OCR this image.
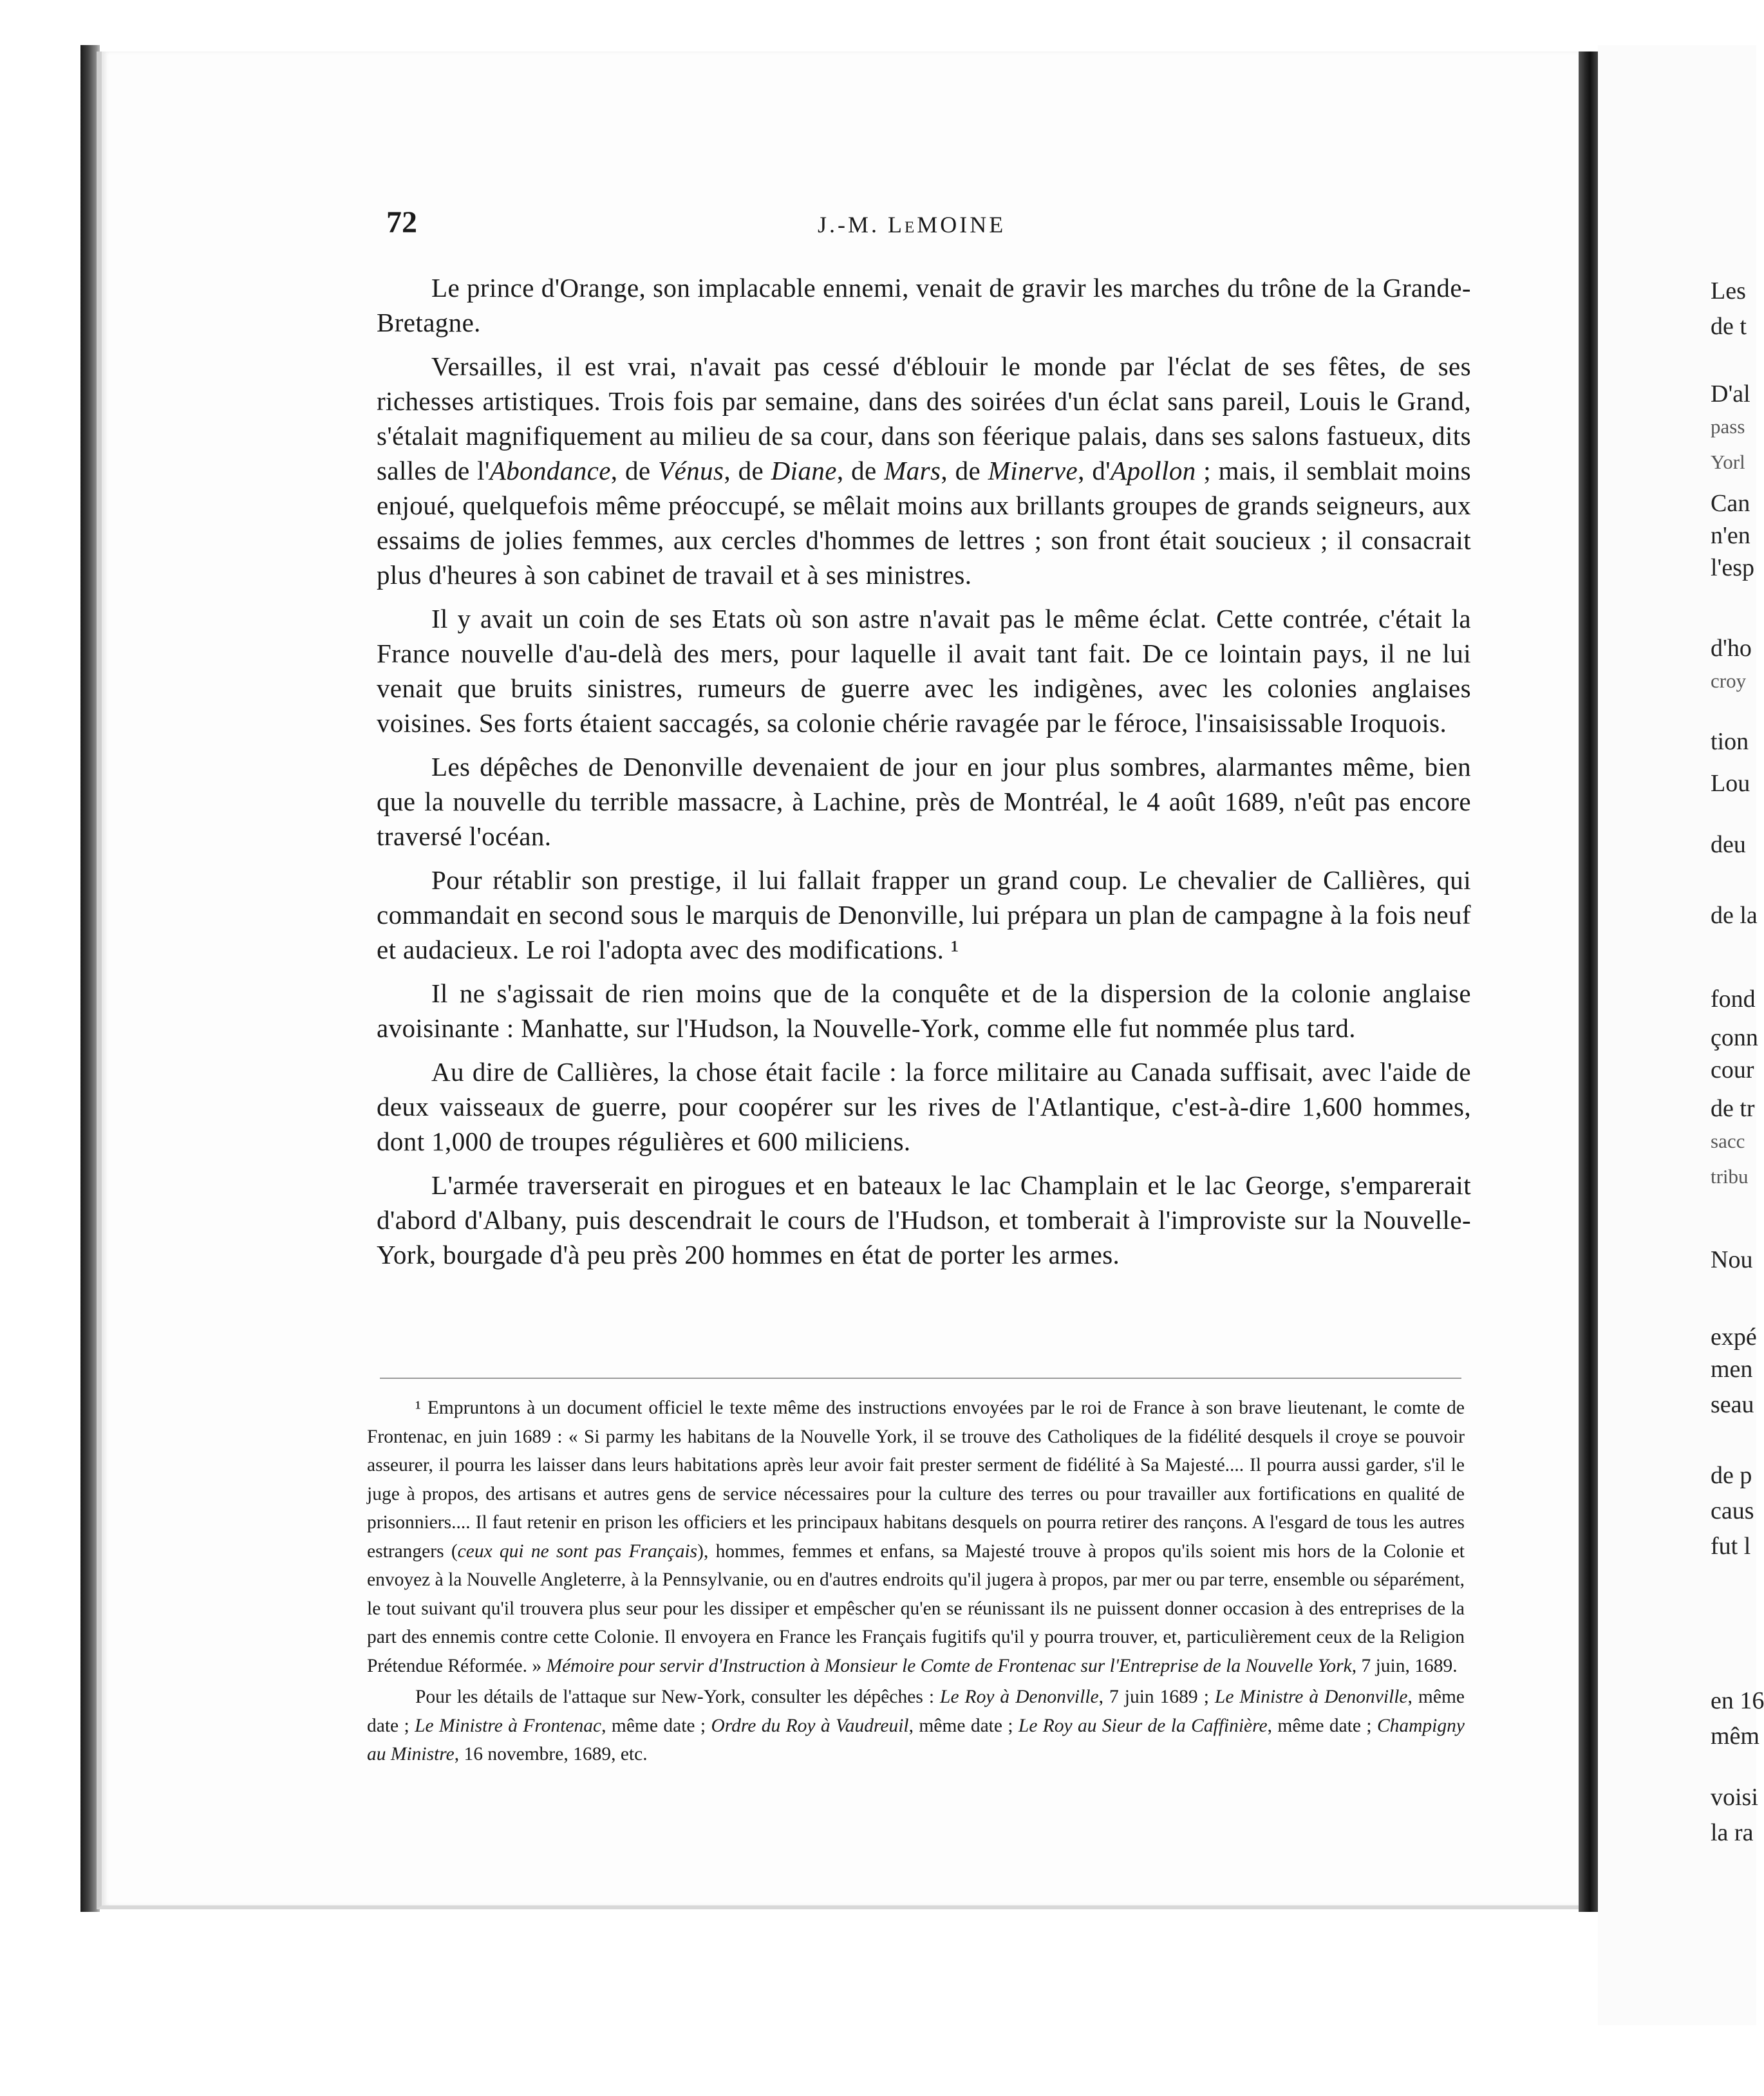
Les
de t
D'al
pass
Yorl
Can
n'en
l'esp
d'ho
croy
tion
Lou
deu
de la
fond
çonn
cour
de tr
sacc
tribu
Nou
expé
men
seau
de p
caus
fut l
en 16
mêm
voisi
la ra
72	J.-M. LeMOINE

Le prince d'Orange, son implacable ennemi, venait de gravir les marches du trône de la Grande-Bretagne.

Versailles, il est vrai, n'avait pas cessé d'éblouir le monde par l'éclat de ses fêtes, de ses richesses artistiques. Trois fois par semaine, dans des soirées d'un éclat sans pareil, Louis le Grand, s'étalait magnifiquement au milieu de sa cour, dans son féerique palais, dans ses salons fastueux, dits salles de l'Abondance, de Vénus, de Diane, de Mars, de Minerve, d'Apollon ; mais, il semblait moins enjoué, quelquefois même préoccupé, se mêlait moins aux brillants groupes de grands seigneurs, aux essaims de jolies femmes, aux cercles d'hommes de lettres ; son front était soucieux ; il consacrait plus d'heures à son cabinet de travail et à ses ministres.

Il y avait un coin de ses Etats où son astre n'avait pas le même éclat. Cette contrée, c'était la France nouvelle d'au-delà des mers, pour laquelle il avait tant fait. De ce lointain pays, il ne lui venait que bruits sinistres, rumeurs de guerre avec les indigènes, avec les colonies anglaises voisines. Ses forts étaient saccagés, sa colonie chérie ravagée par le féroce, l'insaisissable Iroquois.

Les dépêches de Denonville devenaient de jour en jour plus sombres, alarmantes même, bien que la nouvelle du terrible massacre, à Lachine, près de Montréal, le 4 août 1689, n'eût pas encore traversé l'océan.

Pour rétablir son prestige, il lui fallait frapper un grand coup. Le chevalier de Callières, qui commandait en second sous le marquis de Denonville, lui prépara un plan de campagne à la fois neuf et audacieux. Le roi l'adopta avec des modifications. ¹

Il ne s'agissait de rien moins que de la conquête et de la dispersion de la colonie anglaise avoisinante : Manhatte, sur l'Hudson, la Nouvelle-York, comme elle fut nommée plus tard.

Au dire de Callières, la chose était facile : la force militaire au Canada suffisait, avec l'aide de deux vaisseaux de guerre, pour coopérer sur les rives de l'Atlantique, c'est-à-dire 1,600 hommes, dont 1,000 de troupes régulières et 600 miliciens.

L'armée traverserait en pirogues et en bateaux le lac Champlain et le lac George, s'emparerait d'abord d'Albany, puis descendrait le cours de l'Hudson, et tomberait à l'improviste sur la Nouvelle-York, bourgade d'à peu près 200 hommes en état de porter les armes.

¹ Empruntons à un document officiel le texte même des instructions envoyées par le roi de France à son brave lieutenant, le comte de Frontenac, en juin 1689 : « Si parmy les habitans de la Nouvelle York, il se trouve des Catholiques de la fidélité desquels il croye se pouvoir asseurer, il pourra les laisser dans leurs habitations après leur avoir fait prester serment de fidélité à Sa Majesté.... Il pourra aussi garder, s'il le juge à propos, des artisans et autres gens de service nécessaires pour la culture des terres ou pour travailler aux fortifications en qualité de prisonniers.... Il faut retenir en prison les officiers et les principaux habitans desquels on pourra retirer des rançons. A l'esgard de tous les autres estrangers (ceux qui ne sont pas Français), hommes, femmes et enfans, sa Majesté trouve à propos qu'ils soient mis hors de la Colonie et envoyez à la Nouvelle Angleterre, à la Pennsylvanie, ou en d'autres endroits qu'il jugera à propos, par mer ou par terre, ensemble ou séparément, le tout suivant qu'il trouvera plus seur pour les dissiper et empêscher qu'en se réunissant ils ne puissent donner occasion à des entreprises de la part des ennemis contre cette Colonie. Il envoyera en France les Français fugitifs qu'il y pourra trouver, et, particulièrement ceux de la Religion Prétendue Réformée. » Mémoire pour servir d'Instruction à Monsieur le Comte de Frontenac sur l'Entreprise de la Nouvelle York, 7 juin, 1689.

Pour les détails de l'attaque sur New-York, consulter les dépêches : Le Roy à Denonville, 7 juin 1689 ; Le Ministre à Denonville, même date ; Le Ministre à Frontenac, même date ; Ordre du Roy à Vaudreuil, même date ; Le Roy au Sieur de la Caffinière, même date ; Champigny au Ministre, 16 novembre, 1689, etc.
